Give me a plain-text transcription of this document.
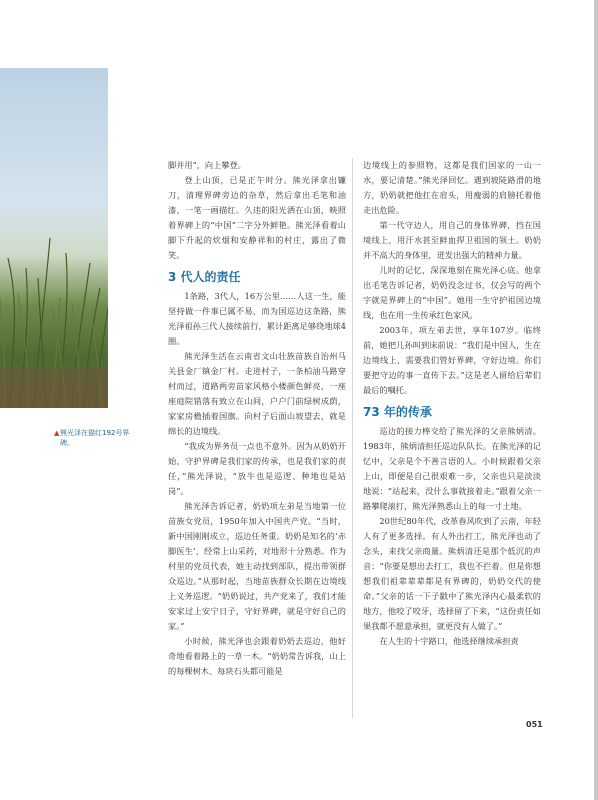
▲ 熊光泽在猫红192号界碑。

脚并用”，向上攀登。

登上山顶，已是正午时分。熊光泽拿出镰刀，清理界碑旁边的杂草，然后拿出毛笔和油漆，一笔一画描红。久违的阳光洒在山顶，映照着界碑上的“中国”二字分外鲜艳。熊光泽看着山脚下升起的炊烟和安静祥和的村庄，露出了微笑。

3 代人的责任

1条路，3代人，16万公里……人这一生，能坚持做一件事已属不易，而为国巡边这条路，熊光泽祖孙三代人接续前行，累计距离足够绕地球4圈。

熊光泽生活在云南省文山壮族苗族自治州马关县金厂镇金厂村。走进村子，一条柏油马路穿村而过，道路两旁苗家风格小楼颜色鲜亮，一座座庭院错落有致立在山间，户户门前绿树成荫，家家房檐插着国旗。向村子后面山坡望去，就是绵长的边境线。

“我成为界务员一点也不意外。因为从奶奶开始，守护界碑是我们家的传承，也是我们家的责任，”熊光泽说，“放牛也是巡逻、种地也是站岗”。

熊光泽告诉记者，奶奶项左弟是当地第一位苗族女党员，1950年加入中国共产党。“当时，新中国刚刚成立，巡边任务重。奶奶是知名的‘赤脚医生’，经常上山采药，对地形十分熟悉。作为村里的党员代表，她主动找到部队，提出带领群众巡边。”从那时起，当地苗族群众长期在边境线上义务巡逻。“奶奶说过，共产党来了，我们才能安家过上安宁日子，守好界碑，就是守好自己的家。”

小时候，熊光泽也会跟着奶奶去巡边，他好奇地看着路上的一草一木。“奶奶常告诉我，山上的每棵树木、每块石头都可能是

边境线上的参照物，这都是我们国家的一山一水，要记清楚。”熊光泽回忆。遇到坡陡路滑的地方，奶奶就把他扛在肩头，用瘦弱的肩膀托着他走出危险。

第一代守边人，用自己的身体界碑，挡在国境线上，用汗水甚至鲜血捍卫祖国的领土。奶奶并不高大的身体里，迸发出强大的精神力量。

儿时的记忆，深深地刻在熊光泽心底。他拿出毛笔告诉记者，奶奶没念过书，仅会写的两个字就是界碑上的“中国”。她用一生守护祖国边境线，也在用一生传承红色家风。

2003年，项左弟去世，享年107岁。临终前，她把儿孙叫到床前说：“我们是中国人，生在边境线上，需要我们管好界碑，守好边境。你们要把守边的事一直传下去。”这是老人留给后辈们最后的嘱托。

73 年的传承

巡边的接力棒交给了熊光泽的父亲熊炳清。1983年，熊炳清担任巡边队队长。在熊光泽的记忆中，父亲是个不善言语的人。小时候跟着父亲上山，即便是自己很艰难一步，父亲也只是淡淡地说：“站起来，没什么事就接着走。”跟着父亲一路攀爬滚打，熊光泽熟悉山上的每一寸土地。

20世纪80年代，改革春风吹到了云南，年轻人有了更多选择。有人外出打工，熊光泽也动了念头，来找父亲商量。熊炳清还是那个低沉的声音：“你要是想出去打工，我也不拦着。但是你想想我们祖辈辈辈都是有界碑的，奶奶交代的使命。”父亲的话一下子戳中了熊光泽内心最柔软的地方，他咬了咬牙，选择留了下来，“这份责任如果我都不愿意承担，就更没有人做了。”

在人生的十字路口，他选择继续承担责

051
